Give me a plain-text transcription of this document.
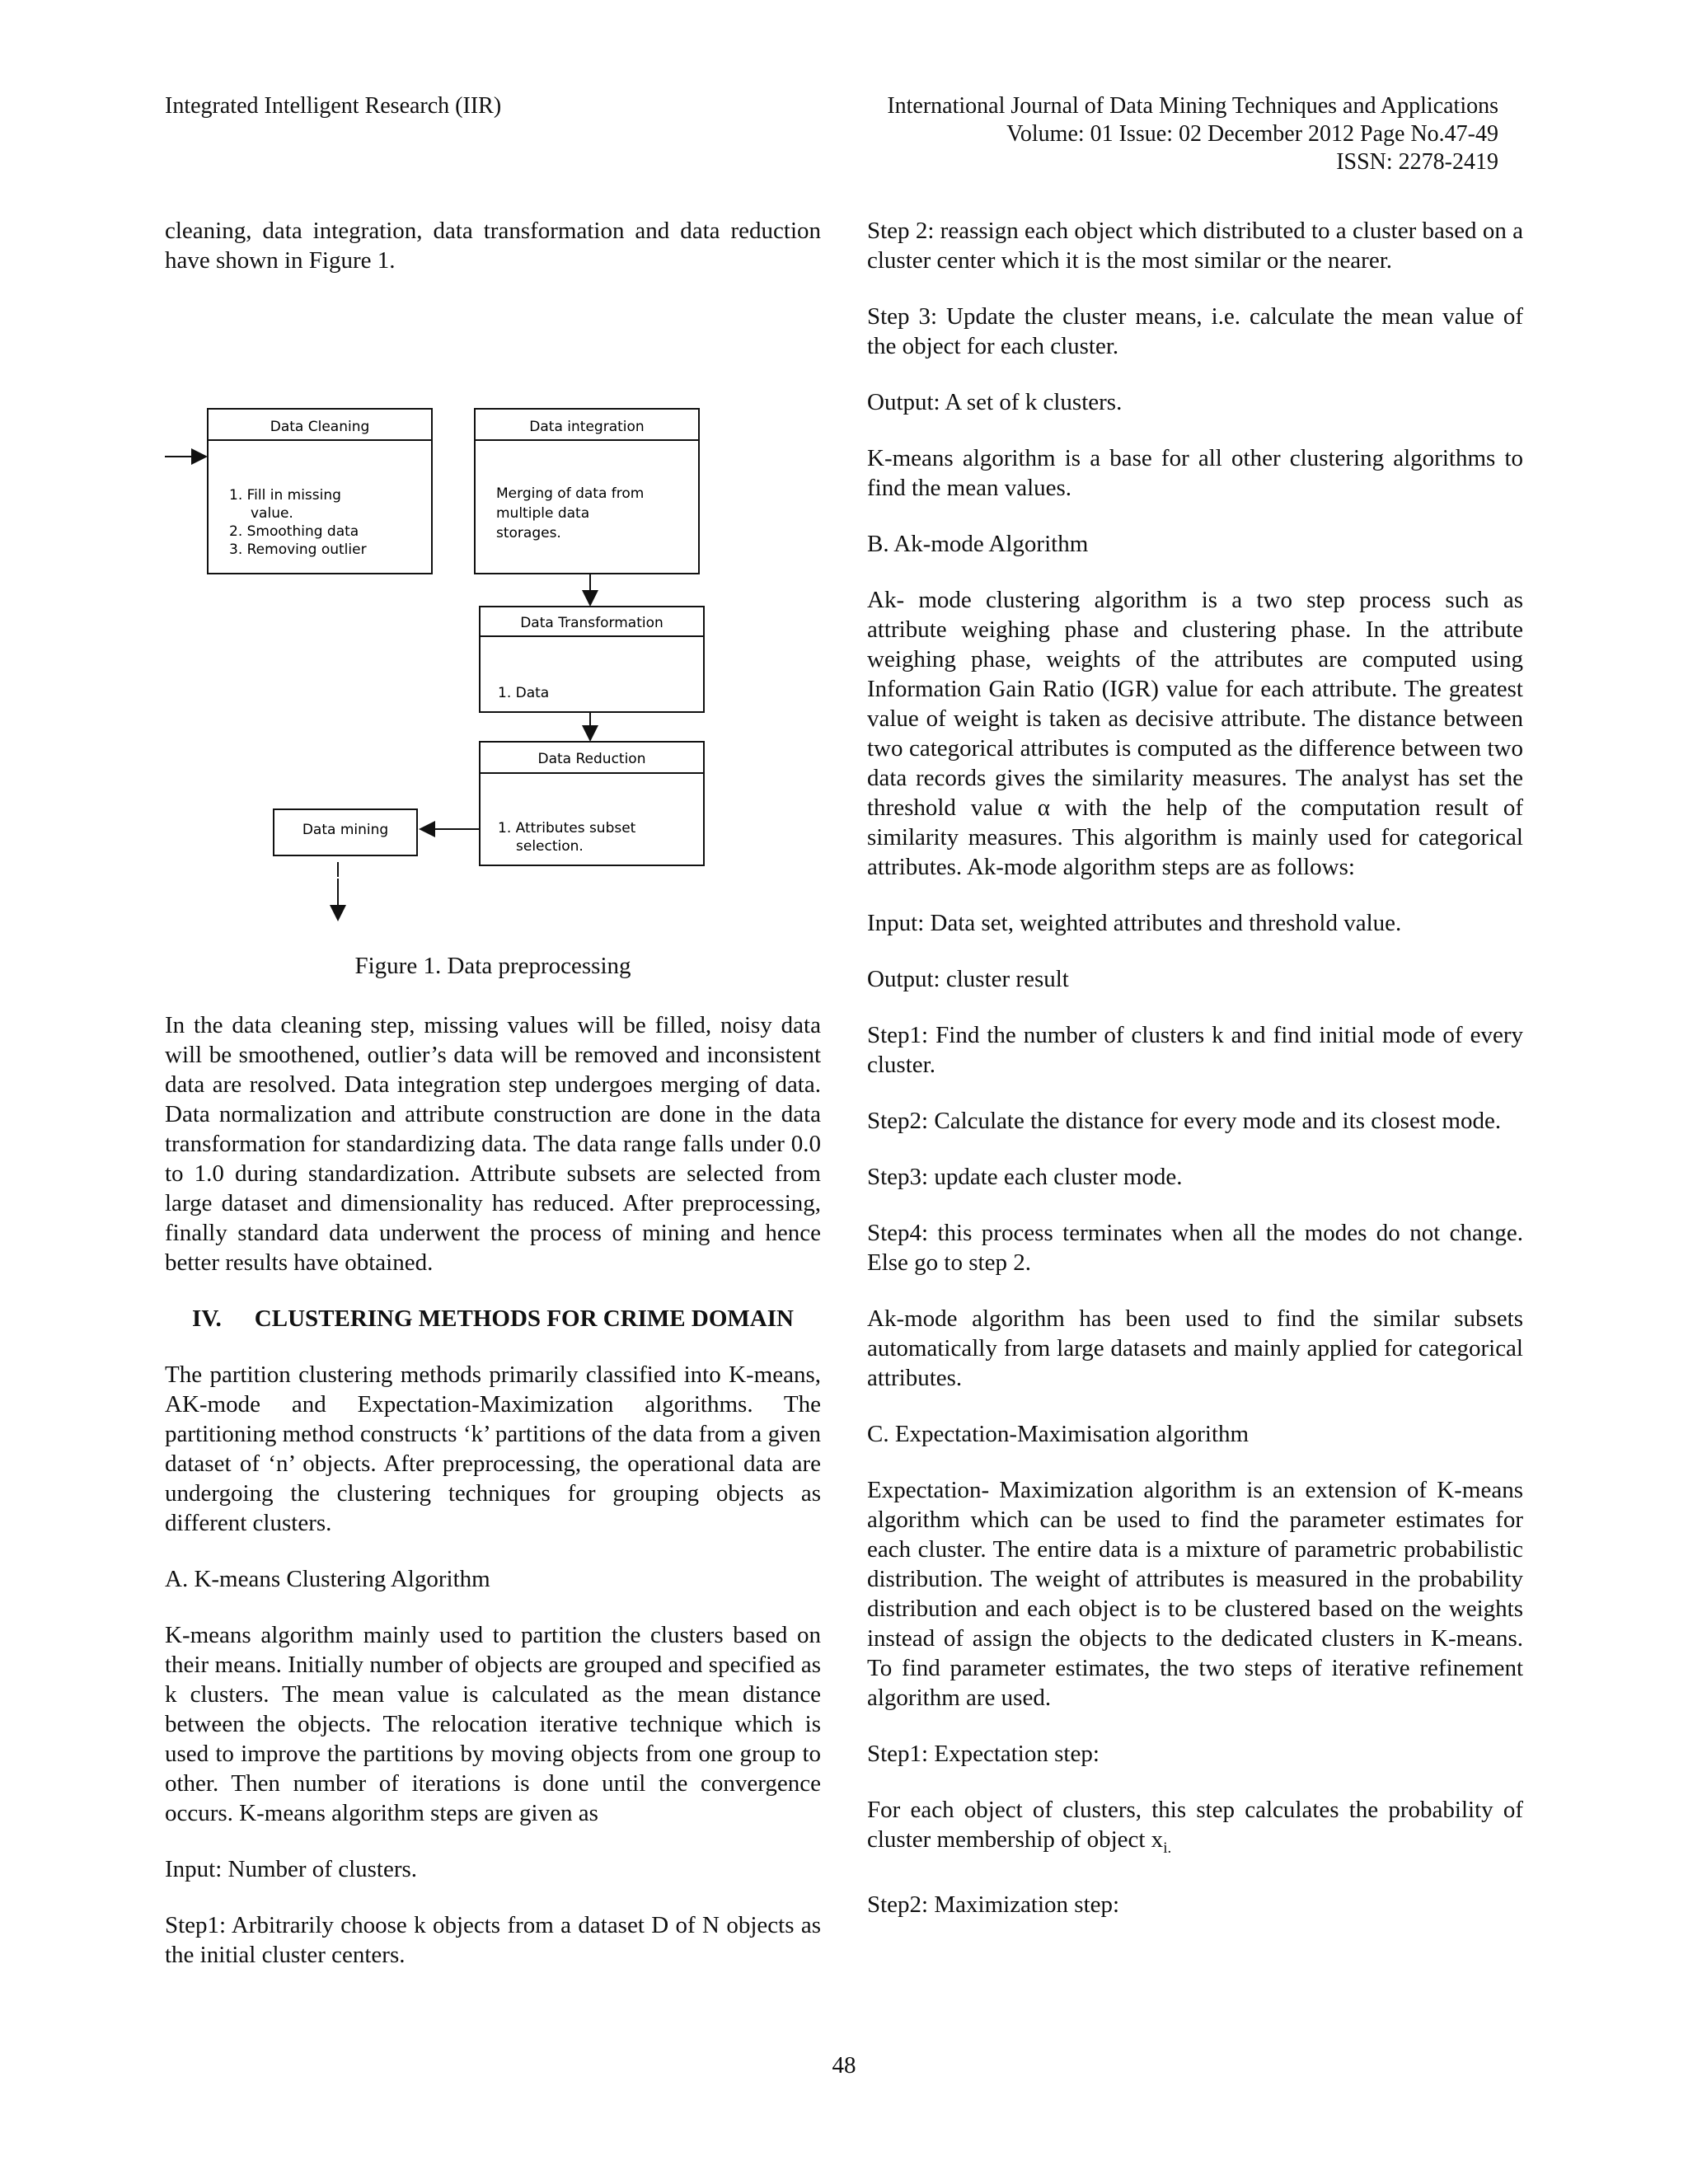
Integrated Intelligent Research (IIR)	International Journal of Data Mining Techniques and Applications
Volume: 01 Issue: 02 December 2012 Page No.47-49
ISSN: 2278-2419

cleaning, data integration, data transformation and data reduction have shown in Figure 1.

Data Cleaning
1. Fill in missing
value.
2. Smoothing data
3. Removing outlier
Data integration
Merging of data from
multiple data
storages.
Data Transformation
1. Data
Data Reduction
1. Attributes subset
selection.
Data mining
Figure 1. Data preprocessing

In the data cleaning step, missing values will be filled, noisy data will be smoothened, outlier’s data will be removed and inconsistent data are resolved. Data integration step undergoes merging of data. Data normalization and attribute construction are done in the data transformation for standardizing data. The data range falls under 0.0 to 1.0 during standardization. Attribute subsets are selected from large dataset and dimensionality has reduced. After preprocessing, finally standard data underwent the process of mining and hence better results have obtained.

IV. CLUSTERING METHODS FOR CRIME DOMAIN

The partition clustering methods primarily classified into K-means, AK-mode and Expectation-Maximization algorithms. The partitioning method constructs ‘k’ partitions of the data from a given dataset of ‘n’ objects. After preprocessing, the operational data are undergoing the clustering techniques for grouping objects as different clusters.

A. K-means Clustering Algorithm

K-means algorithm mainly used to partition the clusters based on their means. Initially number of objects are grouped and specified as k clusters. The mean value is calculated as the mean distance between the objects. The relocation iterative technique which is used to improve the partitions by moving objects from one group to other. Then number of iterations is done until the convergence occurs. K-means algorithm steps are given as

Input: Number of clusters.

Step1: Arbitrarily choose k objects from a dataset D of N objects as the initial cluster centers.

Step 2: reassign each object which distributed to a cluster based on a cluster center which it is the most similar or the nearer.

Step 3: Update the cluster means, i.e. calculate the mean value of the object for each cluster.

Output: A set of k clusters.

K-means algorithm is a base for all other clustering algorithms to find the mean values.

B. Ak-mode Algorithm

Ak- mode clustering algorithm is a two step process such as attribute weighing phase and clustering phase. In the attribute weighing phase, weights of the attributes are computed using Information Gain Ratio (IGR) value for each attribute. The greatest value of weight is taken as decisive attribute. The distance between two categorical attributes is computed as the difference between two data records gives the similarity measures. The analyst has set the threshold value α with the help of the computation result of similarity measures. This algorithm is mainly used for categorical attributes. Ak-mode algorithm steps are as follows:

Input: Data set, weighted attributes and threshold value.

Output: cluster result

Step1: Find the number of clusters k and find initial mode of every cluster.

Step2: Calculate the distance for every mode and its closest mode.

Step3: update each cluster mode.

Step4: this process terminates when all the modes do not change. Else go to step 2.

Ak-mode algorithm has been used to find the similar subsets automatically from large datasets and mainly applied for categorical attributes.

C. Expectation-Maximisation algorithm

Expectation- Maximization algorithm is an extension of K-means algorithm which can be used to find the parameter estimates for each cluster. The entire data is a mixture of parametric probabilistic distribution. The weight of attributes is measured in the probability distribution and each object is to be clustered based on the weights instead of assign the objects to the dedicated clusters in K-means. To find parameter estimates, the two steps of iterative refinement algorithm are used.

Step1: Expectation step:

For each object of clusters, this step calculates the probability of cluster membership of object $x_{i.}$

Step2: Maximization step:

48
